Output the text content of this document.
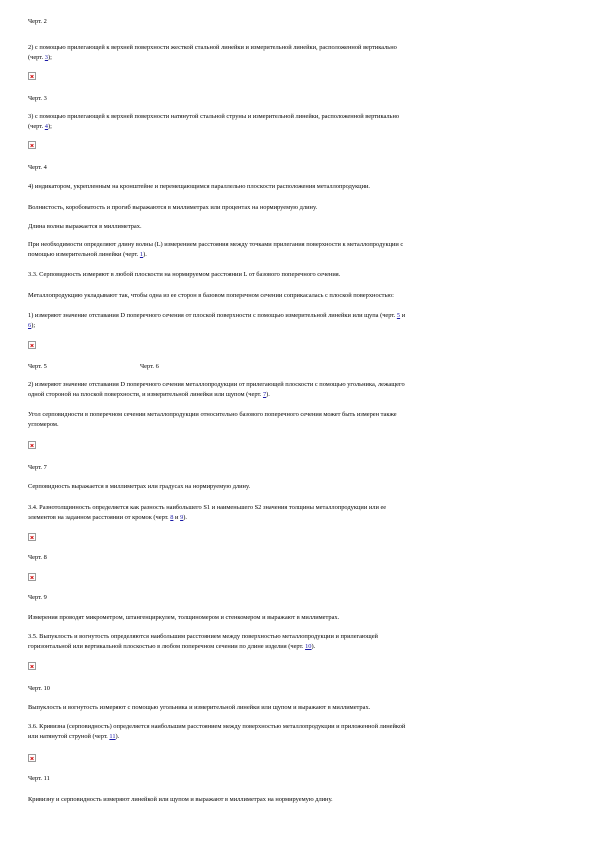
Черт. 2
2) с помощью прилегающей к верхней поверхности жесткой стальной линейки и измерительной линейки, расположенной вертикально
(черт. 3);
Черт. 3
3) с помощью прилегающей к верхней поверхности натянутой стальной струны и измерительной линейки, расположенной вертикально
(черт. 4);
Черт. 4
4) индикатором, укрепленным на кронштейне и перемещающимся параллельно плоскости расположения металлопродукции.
Волнистость, коробоватость и прогиб выражаются в миллиметрах или процентах на нормируемую длину.
Длина волны выражается в миллиметрах.
При необходимости определяют длину волны (L) измерением расстояния между точками прилегания поверхности к металлопродукции с
помощью измерительной линейки (черт. 1).
3.3. Серповидность измеряют в любой плоскости на нормируемом расстоянии L от базового поперечного сечения.
Металлопродукцию укладывают так, чтобы одна из ее сторон в базовом поперечном сечении соприкасалась с плоской поверхностью:
1) измеряют значение отставания D поперечного сечения от плоской поверхности с помощью измерительной линейки или щупа (черт. 5 и
6);
Черт. 5	Черт. 6
2) измеряют значение отставания D поперечного сечения металлопродукции от прилегающей плоскости с помощью угольника, лежащего
одной стороной на плоской поверхности, и измерительной линейки или щупом (черт. 7).
Угол серповидности в поперечном сечении металлопродукции относительно базового поперечного сечения может быть измерен также
угломером.
Черт. 7
Серповидность выражается в миллиметрах или градусах на нормируемую длину.
3.4. Разнотолщинность определяется как разность наибольшего S1 и наименьшего S2 значения толщины металлопродукции или ее
элементов на заданном расстоянии от кромок (черт. 8 и 9).
Черт. 8
Черт. 9
Измерения проводят микрометром, штангенциркулем, толщиномером и стенкомером и выражают в миллиметрах.
3.5. Выпуклость и вогнутость определяются наибольшим расстоянием между поверхностью металлопродукции и прилегающей
горизонтальной или вертикальной плоскостью в любом поперечном сечении по длине изделия (черт. 10).
Черт. 10
Выпуклость и вогнутость измеряют с помощью угольника и измерительной линейки или щупом и выражают в миллиметрах.
3.6. Кривизна (серповидность) определяется наибольшим расстоянием между поверхностью металлопродукции и приложенной линейкой
или натянутой струной (черт. 11).
Черт. 11
Кривизну и серповидность измеряют линейкой или щупом и выражают в миллиметрах на нормируемую длину.
